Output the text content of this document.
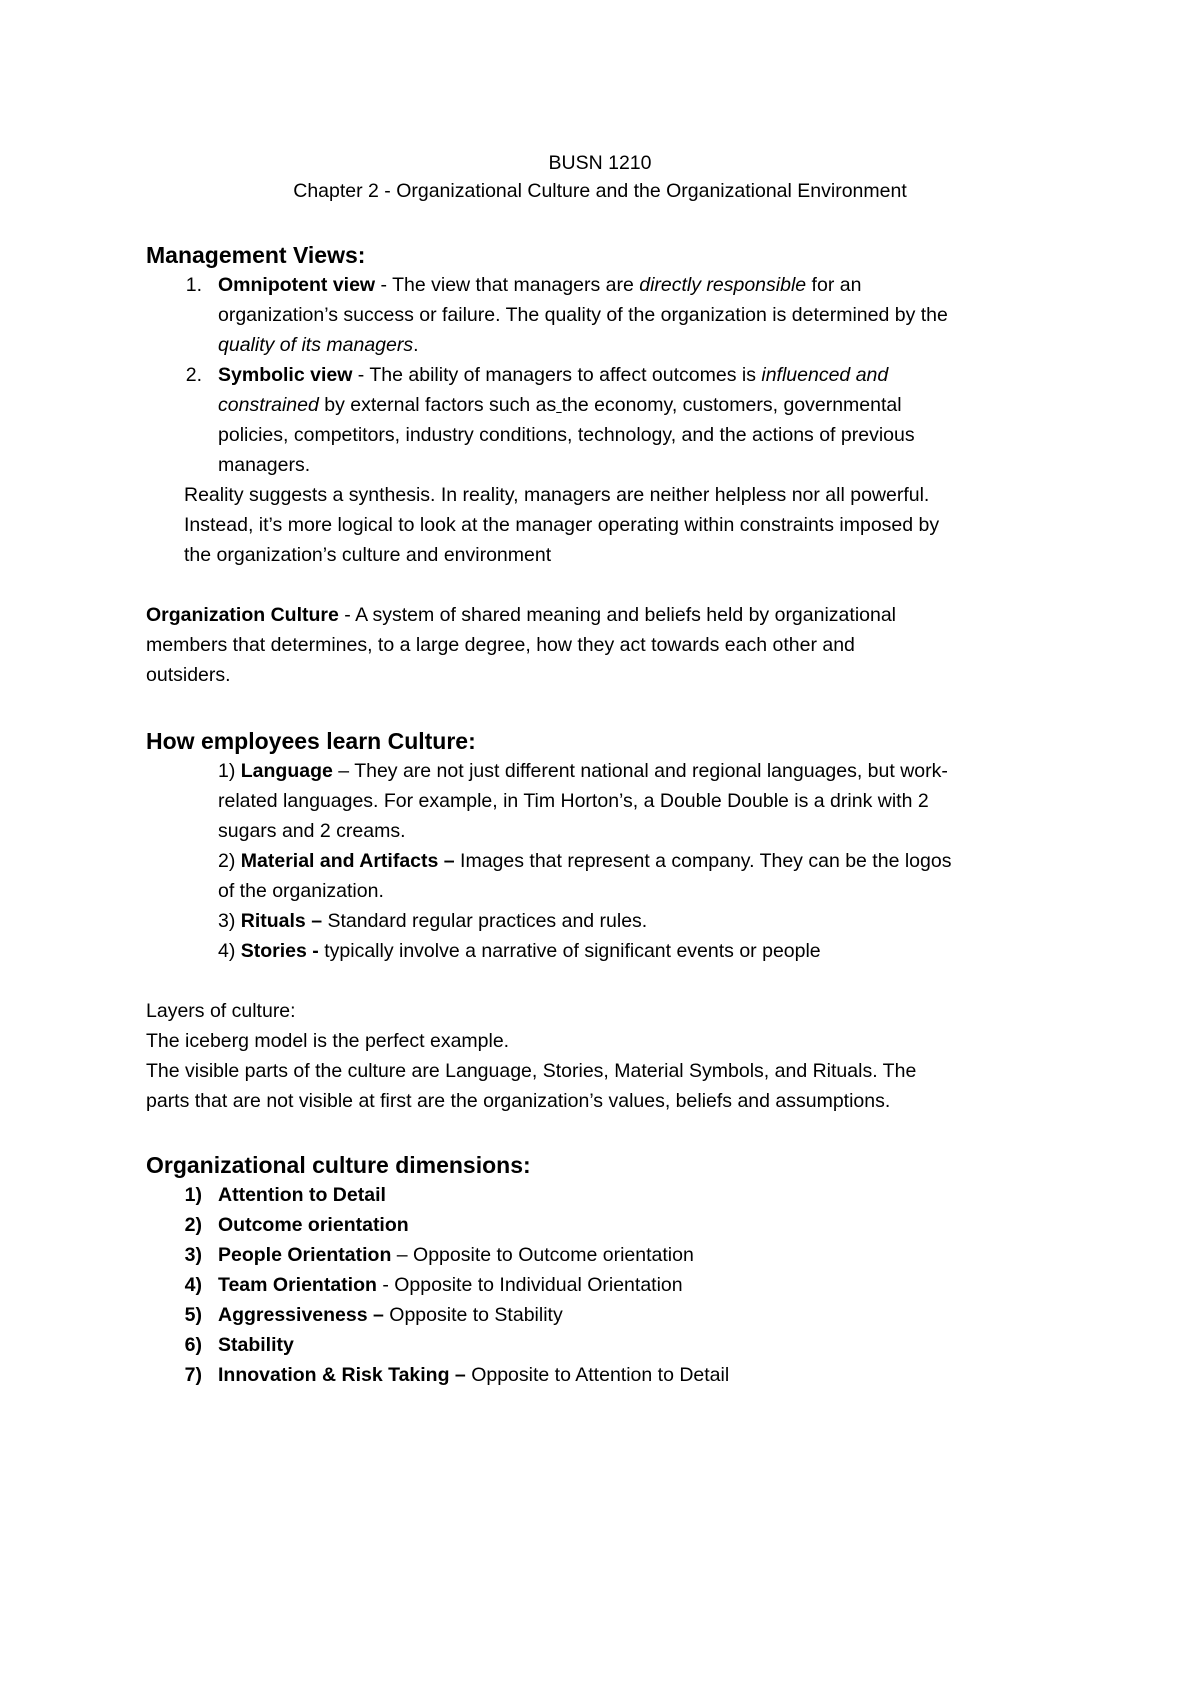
BUSN 1210
Chapter 2 - Organizational Culture and the Organizational Environment
Management Views:
1. Omnipotent view - The view that managers are directly responsible for an
organization’s success or failure. The quality of the organization is determined by the
quality of its managers.
2. Symbolic view - The ability of managers to affect outcomes is influenced and
constrained by external factors such as the economy, customers, governmental
policies, competitors, industry conditions, technology, and the actions of previous
managers.
Reality suggests a synthesis. In reality, managers are neither helpless nor all powerful.
Instead, it’s more logical to look at the manager operating within constraints imposed by
the organization’s culture and environment
Organization Culture - A system of shared meaning and beliefs held by organizational
members that determines, to a large degree, how they act towards each other and
outsiders.
How employees learn Culture:
1) Language – They are not just different national and regional languages, but work-
related languages. For example, in Tim Horton’s, a Double Double is a drink with 2
sugars and 2 creams.
2) Material and Artifacts – Images that represent a company. They can be the logos
of the organization.
3) Rituals – Standard regular practices and rules.
4) Stories - typically involve a narrative of significant events or people
Layers of culture:
The iceberg model is the perfect example.
The visible parts of the culture are Language, Stories, Material Symbols, and Rituals. The
parts that are not visible at first are the organization’s values, beliefs and assumptions.
Organizational culture dimensions:
1) Attention to Detail
2) Outcome orientation
3) People Orientation – Opposite to Outcome orientation
4) Team Orientation - Opposite to Individual Orientation
5) Aggressiveness – Opposite to Stability
6) Stability
7) Innovation & Risk Taking – Opposite to Attention to Detail
